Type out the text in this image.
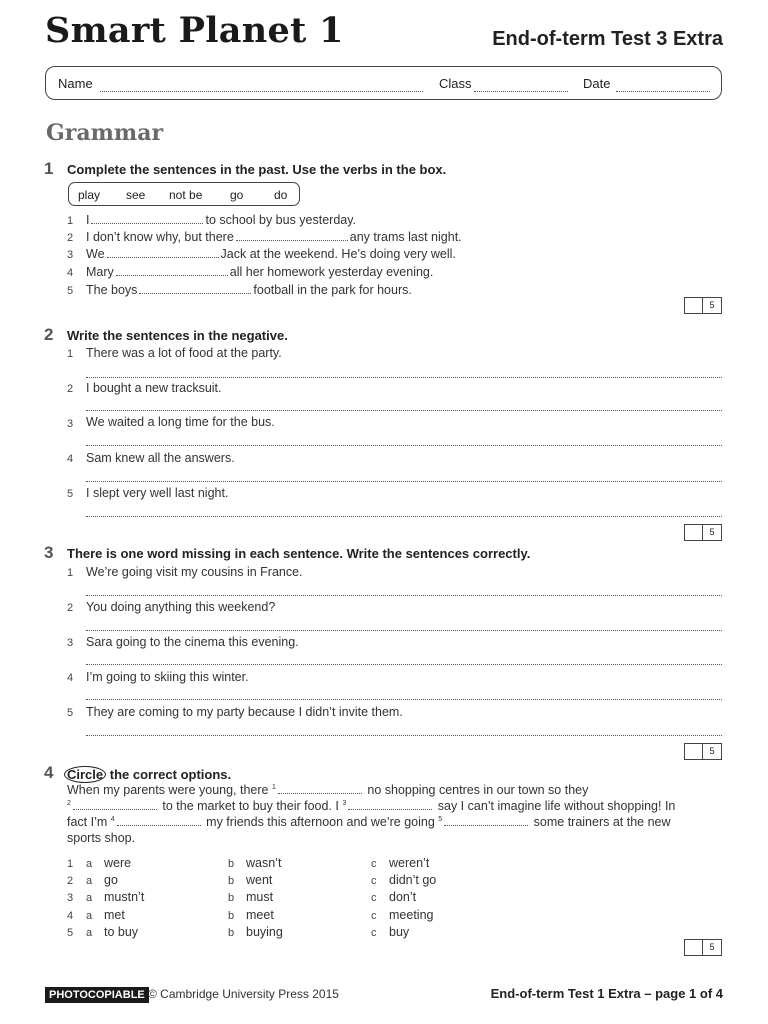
Smart Planet 1	End-of-term Test 3 Extra
Name	Class	Date
Grammar
1 Complete the sentences in the past. Use the verbs in the box.
play see not be go	do
1 I	to school by bus yesterday.
2 I don’t know why, but there	any trams last night.
3 We	Jack at the weekend. He’s doing very well.
4 Mary	all her homework yesterday evening.
5 The boys	football in the park for hours.
5
2 Write the sentences in the negative.
1 There was a lot of food at the party.
2 I bought a new tracksuit.
3 We waited a long time for the bus.
4 Sam knew all the answers.
5 I slept very well last night.
5
3 There is one word missing in each sentence. Write the sentences correctly.
1 We’re going visit my cousins in France.
2 You doing anything this weekend?
3 Sara going to the cinema this evening.
4 I’m going to skiing this winter.
5 They are coming to my party because I didn’t invite them.
5
4 Circle the correct options.
When my parents were young, there $^1$	no shopping centres in our town so they
$^2$	to the market to buy their food. I $^3$	say I can’t imagine life without shopping! In
fact I’m $^4$	my friends this afternoon and we’re going $^5$	some trainers at the new
sports shop.
1 a were	b wasn’t	c weren’t
2 a go	b went	c didn’t go
3 a mustn’t	b must	c don’t
4 a met	b meet	c meeting
5 a to buy	b buying	c buy
5
PHOTOCOPIABLE © Cambridge University Press 2015	End-of-term Test 1 Extra – page 1 of 4
